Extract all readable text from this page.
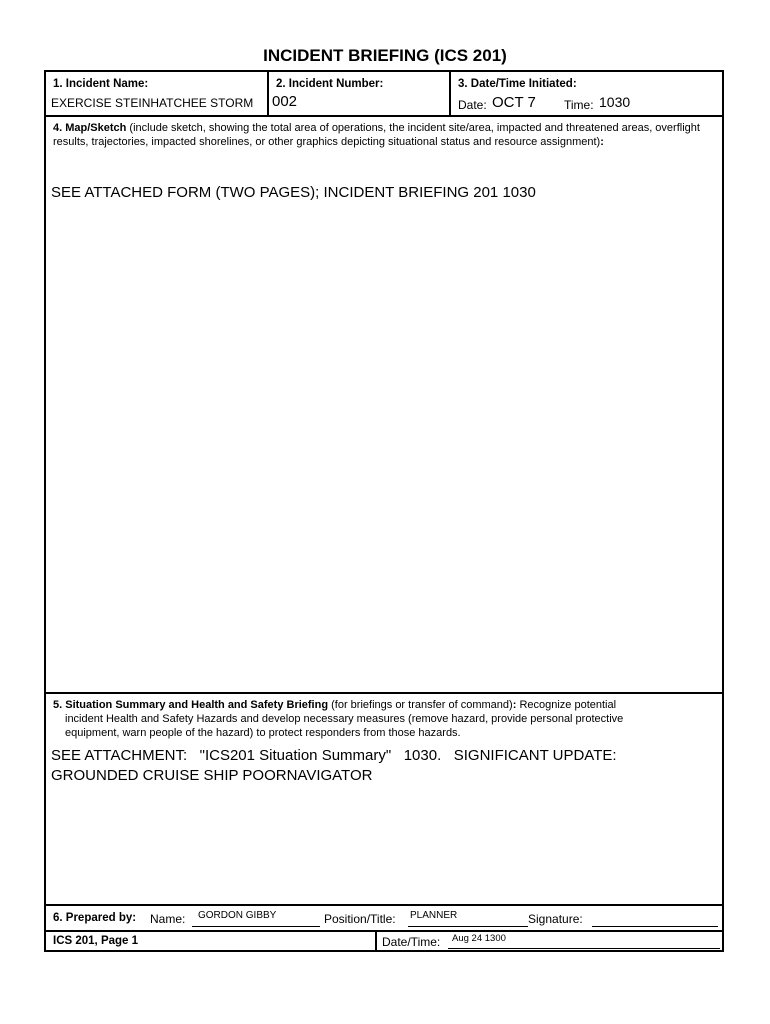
INCIDENT BRIEFING (ICS 201)
1. Incident Name:
EXERCISE STEINHATCHEE STORM
2. Incident Number:
002
3. Date/Time Initiated:
Date: OCT 7 Time: 1030
4. Map/Sketch (include sketch, showing the total area of operations, the incident site/area, impacted and threatened areas, overflight results, trajectories, impacted shorelines, or other graphics depicting situational status and resource assignment):
SEE ATTACHED FORM (TWO PAGES); INCIDENT BRIEFING 201 1030
5. Situation Summary and Health and Safety Briefing (for briefings or transfer of command): Recognize potential
incident Health and Safety Hazards and develop necessary measures (remove hazard, provide personal protective
equipment, warn people of the hazard) to protect responders from those hazards.
SEE ATTACHMENT:   "ICS201 Situation Summary"   1030.   SIGNIFICANT UPDATE:
GROUNDED CRUISE SHIP POORNAVIGATOR
6. Prepared by: Name: GORDON GIBBY	Position/Title: PLANNER	Signature:
ICS 201, Page 1	Date/Time: Aug 24 1300
